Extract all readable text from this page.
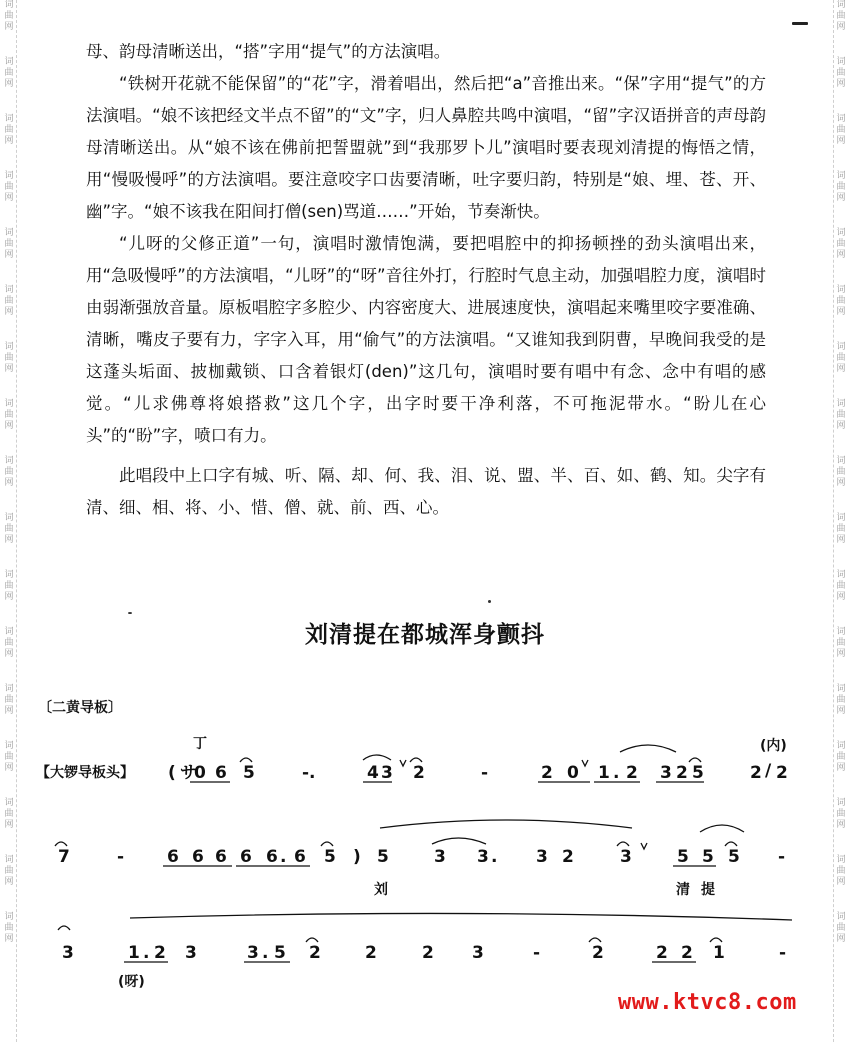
词
曲
网
词
曲
网
词
曲
网
词
曲
网
词
曲
网
词
曲
网
词
曲
网
词
曲
网
词
曲
网
词
曲
网
词
曲
网
词
曲
网
词
曲
网
词
曲
网
词
曲
网
词
曲
网
词
曲
网
词
曲
网
词
曲
网
词
曲
网
词
曲
网
词
曲
网
词
曲
网
词
曲
网
词
曲
网
词
曲
网
词
曲
网
词
曲
网
词
曲
网
词
曲
网
词
曲
网
词
曲
网
词
曲
网
词
曲
网

母、韵母清晰送出，“搭”字用“提气”的方法演唱。

“铁树开花就不能保留”的“花”字，滑着唱出，然后把“a”音推出来。“保”字用“提气”的方法演唱。“娘不该把经文半点不留”的“文”字，归人鼻腔共鸣中演唱，“留”字汉语拼音的声母韵母清晰送出。从“娘不该在佛前把誓盟就”到“我那罗卜儿”演唱时要表现刘清提的悔悟之情，用“慢吸慢呼”的方法演唱。要注意咬字口齿要清晰，吐字要归韵，特别是“娘、埋、苍、开、幽”字。“娘不该我在阳间打僧(sen)骂道……”开始，节奏渐快。

“儿呀的父修正道”一句，演唱时激情饱满，要把唱腔中的抑扬顿挫的劲头演唱出来，用“急吸慢呼”的方法演唱，“儿呀”的“呀”音往外打，行腔时气息主动，加强唱腔力度，演唱时由弱渐强放音量。原板唱腔字多腔少、内容密度大、进展速度快，演唱起来嘴里咬字要准确、清晰，嘴皮子要有力，字字入耳，用“偷气”的方法演唱。“又谁知我到阴曹，早晚间我受的是这蓬头垢面、披枷戴锁、口含着银灯(den)”这几句，演唱时要有唱中有念、念中有唱的感觉。“儿求佛尊将娘搭救”这几个字，出字时要干净利落，不可拖泥带水。“盼儿在心头”的“盼”字，喷口有力。

此唱段中上口字有城、听、隔、却、何、我、泪、说、盟、半、百、如、鹤、知。尖字有清、细、相、将、小、惜、僧、就、前、西、心。

刘清提在都城浑身颤抖
〔二黄导板〕
【大锣导板头】
丁	(内)
/
( サ
0 6 5	-.	4 3 2	-	2 0 1 . 2 3 2 5	2 2
7	-	6 6 6 6 6 . 6 5 ) 5	3 3 . 3 2	3	5 5 5 -
3	1 . 2 3	3 . 5 2	2	2 3	-	2	2 2 1	-
刘	清 提
(呀)
www.ktvc8.com
